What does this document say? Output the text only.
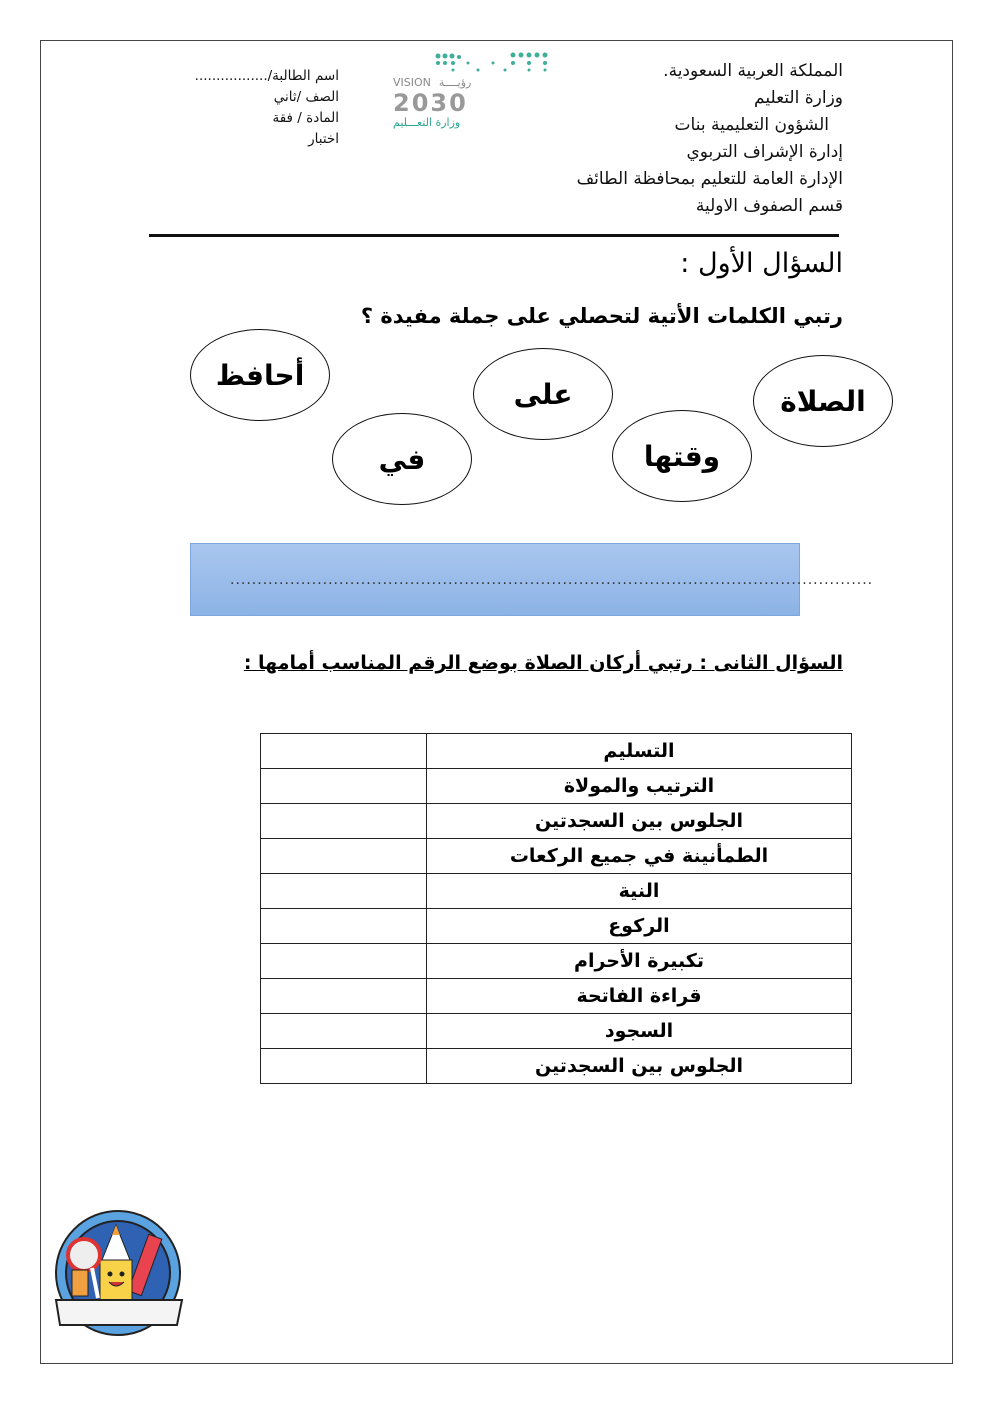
المملكة العربية السعودية.
وزارة التعليم
الشؤون التعليمية بنات
إدارة الإشراف التربوي
الإدارة العامة للتعليم بمحافظة الطائف
قسم الصفوف الاولية
اسم الطالبة/.................
الصف /ثاني
المادة / فقة
اختبار
VISION رؤيــــة
2030
وزارة التعـــليم
السؤال الأول :
رتبي الكلمات الأتية لتحصلي على جملة مفيدة ؟
أحافظ
على	الصلاة
في	وقتها
......................................................................................................................
السؤال الثانى : رتبي أركان الصلاة بوضع الرقم المناسب أمامها :
التسليم	
الترتيب والمولاة	
الجلوس بين السجدتين	
الطمأنينة في جميع الركعات	
النية	
الركوع	
تكبيرة الأحرام	
قراءة الفاتحة	
السجود	
الجلوس بين السجدتين	
